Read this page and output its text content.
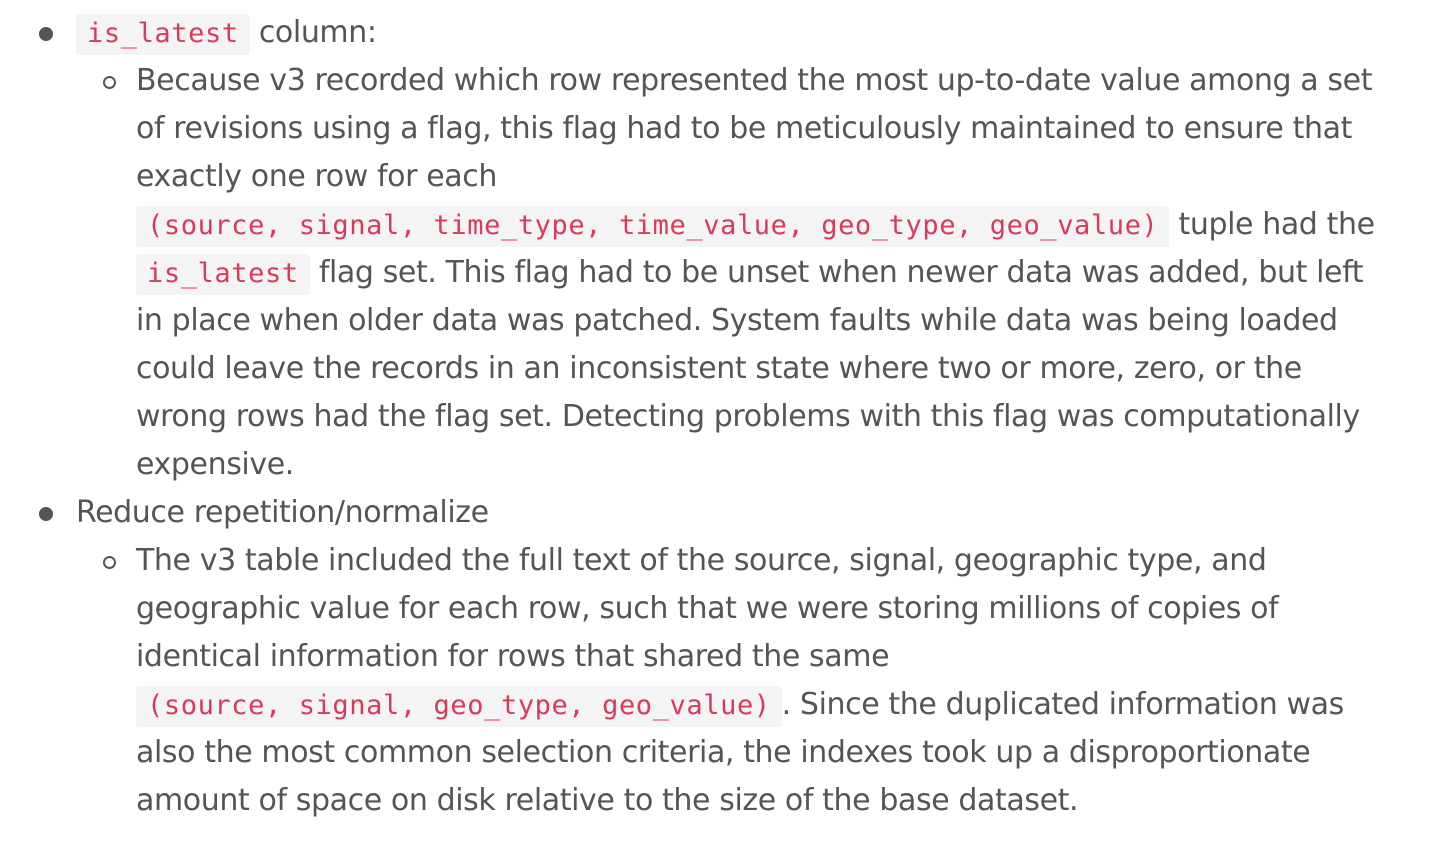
is_latest column:
Because v3 recorded which row represented the most up-to-date value among a set
of revisions using a flag, this flag had to be meticulously maintained to ensure that
exactly one row for each
(source, signal, time_type, time_value, geo_type, geo_value) tuple had the
is_latest flag set. This flag had to be unset when newer data was added, but left
in place when older data was patched. System faults while data was being loaded
could leave the records in an inconsistent state where two or more, zero, or the
wrong rows had the flag set. Detecting problems with this flag was computationally
expensive.
Reduce repetition/normalize
The v3 table included the full text of the source, signal, geographic type, and
geographic value for each row, such that we were storing millions of copies of
identical information for rows that shared the same
(source, signal, geo_type, geo_value) . Since the duplicated information was
also the most common selection criteria, the indexes took up a disproportionate
amount of space on disk relative to the size of the base dataset.
